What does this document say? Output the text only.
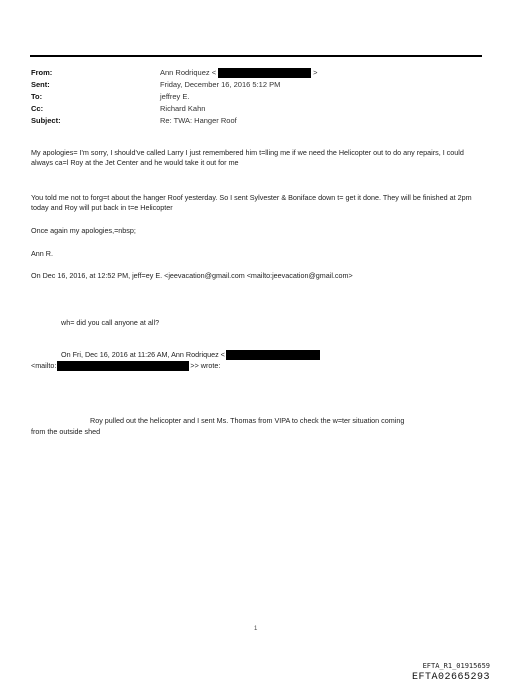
From:
Sent:
To:
Cc:
Subject:
Ann Rodriquez <	>
Friday, December 16, 2016 5:12 PM
jeffrey E.
Richard Kahn
Re: TWA: Hanger Roof
My apologies= I'm sorry, I should've called Larry I just remembered him t=lling me if we need the Helicopter out to do any repairs, I could always ca=l Roy at the Jet Center and he would take it out for me
You told me not to forg=t about the hanger Roof yesterday. So I sent Sylvester & Boniface down t= get it done. They will be finished at 2pm today and Roy will put back in t=e Helicopter
Once again my apologies,=nbsp;
Ann R.
On Dec 16, 2016, at 12:52 PM, jeff=ey E. <jeevacation@gmail.com <mailto:jeevacation@gmail.com>
wh= did you call anyone at all?
On Fri, Dec 16, 2016 at 11:26 AM, Ann Rodriquez <
<mailto:	>> wrote:
Roy pulled out the helicopter and I sent Ms. Thomas from VIPA to check the w=ter situation coming
from the outside shed
1
EFTA_R1_01915659
EFTA02665293
